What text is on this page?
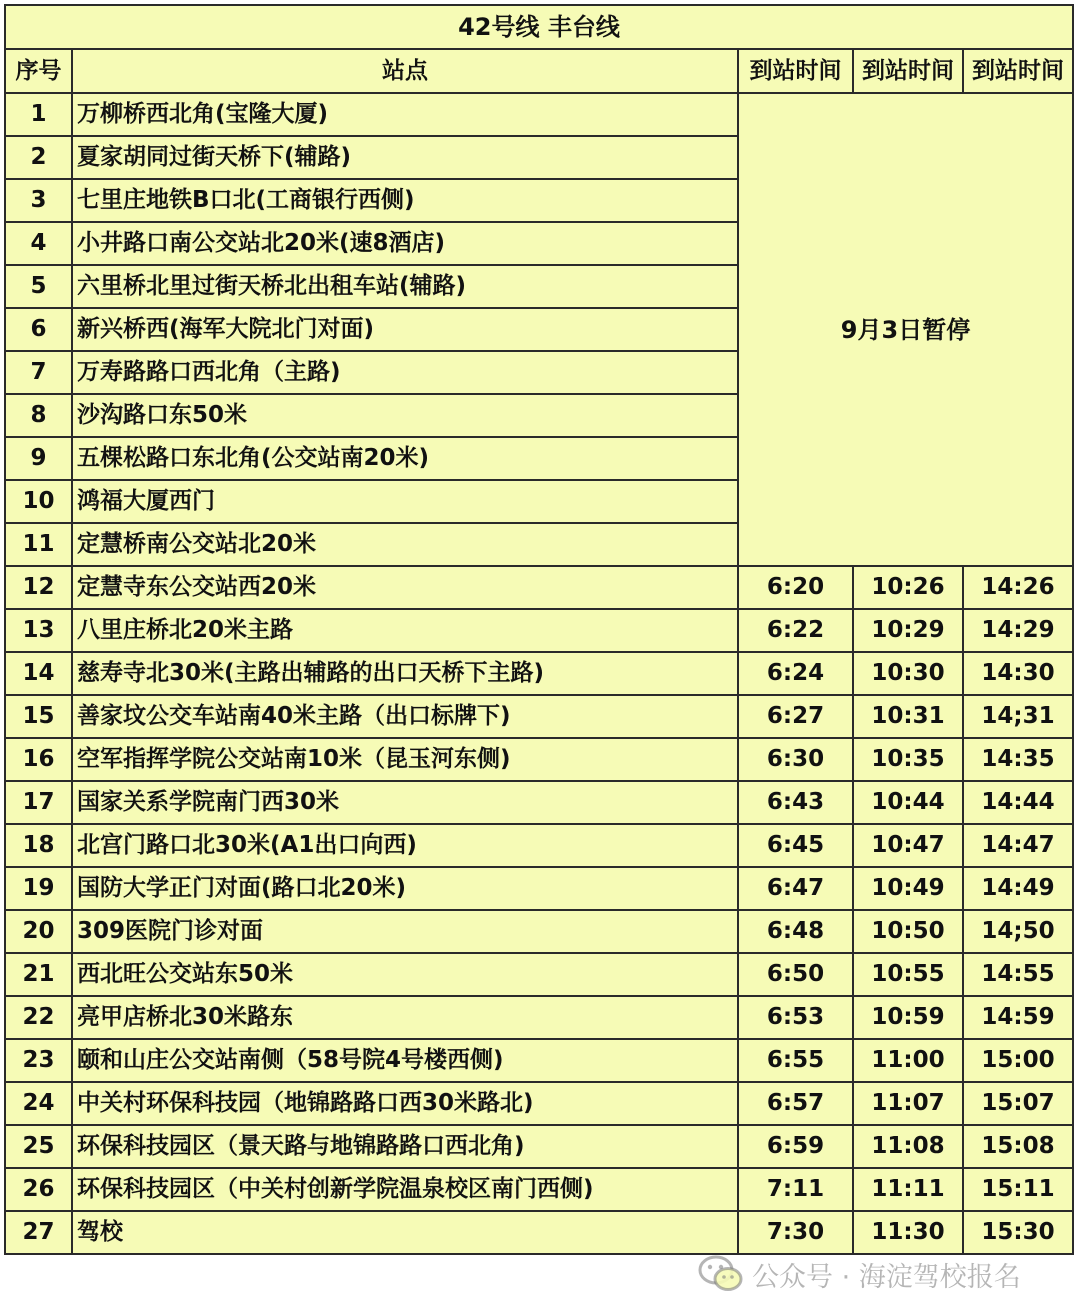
42号线 丰台线				
序号	站点	到站时间	到站时间	到站时间
1	万柳桥西北角(宝隆大厦)	9月3日暂停		
2	夏家胡同过街天桥下(辅路)			
3	七里庄地铁B口北(工商银行西侧)			
4	小井路口南公交站北20米(速8酒店)			
5	六里桥北里过街天桥北出租车站(辅路)			
6	新兴桥西(海军大院北门对面)			
7	万寿路路口西北角（主路)			
8	沙沟路口东50米			
9	五棵松路口东北角(公交站南20米)			
10	鸿福大厦西门			
11	定慧桥南公交站北20米			
12	定慧寺东公交站西20米	6:20	10:26	14:26
13	八里庄桥北20米主路	6:22	10:29	14:29
14	慈寿寺北30米(主路出辅路的出口天桥下主路)	6:24	10:30	14:30
15	善家坟公交车站南40米主路（出口标牌下)	6:27	10:31	14;31
16	空军指挥学院公交站南10米（昆玉河东侧)	6:30	10:35	14:35
17	国家关系学院南门西30米	6:43	10:44	14:44
18	北宫门路口北30米(A1出口向西)	6:45	10:47	14:47
19	国防大学正门对面(路口北20米)	6:47	10:49	14:49
20	309医院门诊对面	6:48	10:50	14;50
21	西北旺公交站东50米	6:50	10:55	14:55
22	亮甲店桥北30米路东	6:53	10:59	14:59
23	颐和山庄公交站南侧（58号院4号楼西侧)	6:55	11:00	15:00
24	中关村环保科技园（地锦路路口西30米路北)	6:57	11:07	15:07
25	环保科技园区（景天路与地锦路路口西北角)	6:59	11:08	15:08
26	环保科技园区（中关村创新学院温泉校区南门西侧)	7:11	11:11	15:11
27	驾校	7:30	11:30	15:30
公众号 · 海淀驾校报名
